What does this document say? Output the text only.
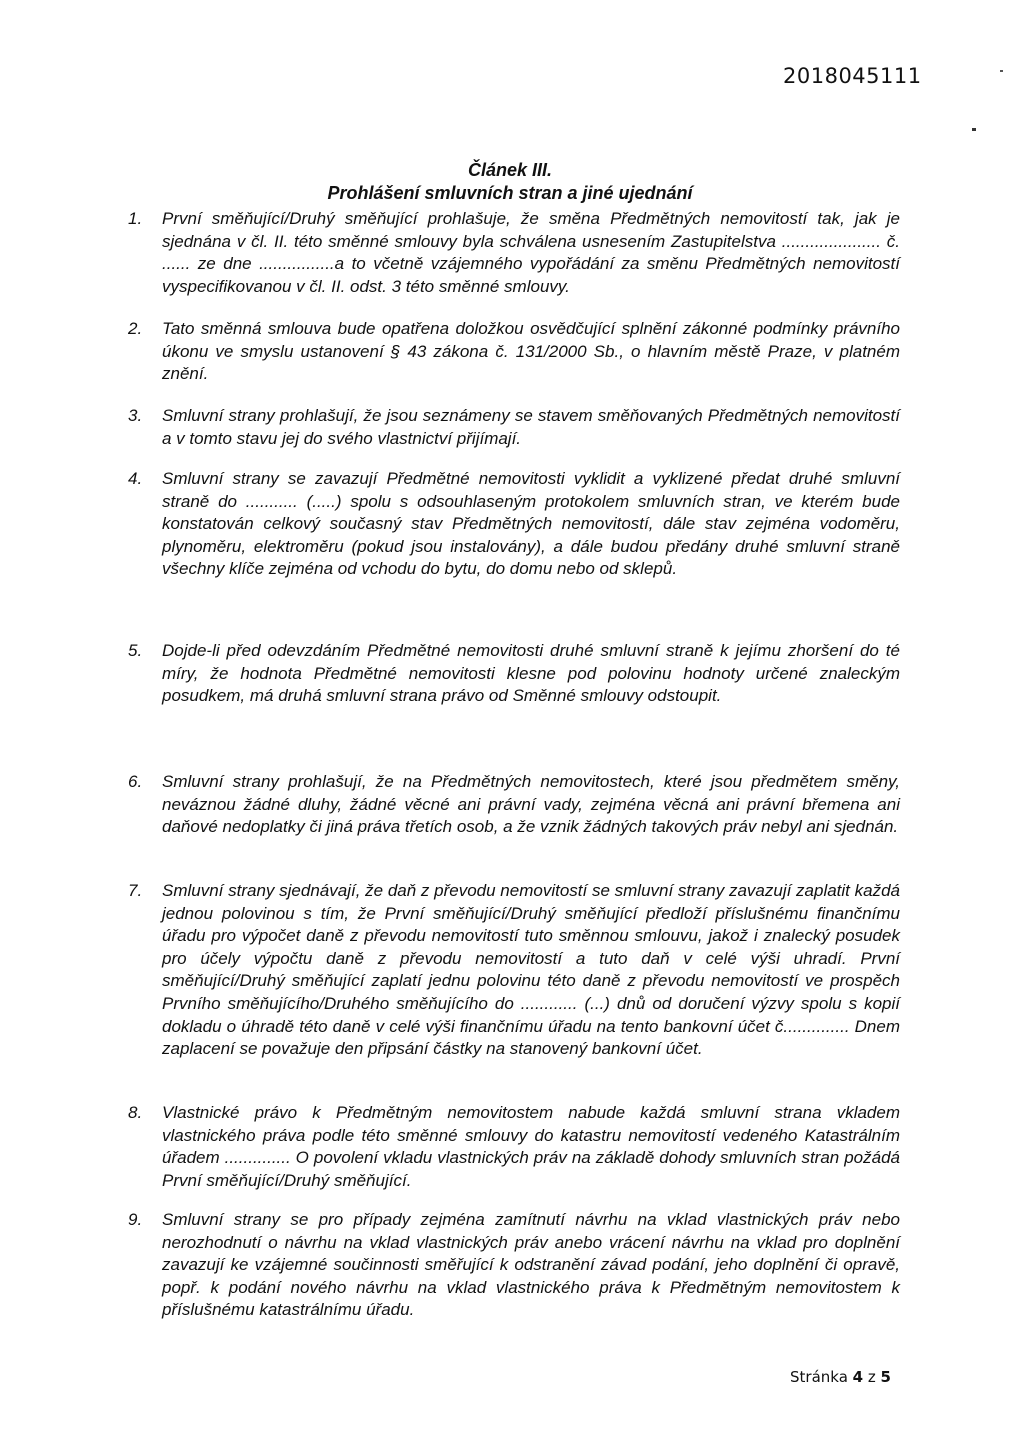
2018045111
Článek III.
Prohlášení smluvních stran a jiné ujednání
1.	První směňující/Druhý směňující prohlašuje, že směna Předmětných nemovitostí tak, jak je sjednána v čl. II. této směnné smlouvy byla schválena usnesením Zastupitelstva ..................... č. ...... ze dne ................a to včetně vzájemného vypořádání za směnu Předmětných nemovitostí vyspecifikovanou v čl. II. odst. 3 této směnné smlouvy.
2.	Tato směnná smlouva bude opatřena doložkou osvědčující splnění zákonné podmínky právního úkonu ve smyslu ustanovení § 43 zákona č. 131/2000 Sb., o hlavním městě Praze, v platném znění.
3.	Smluvní strany prohlašují, že jsou seznámeny se stavem směňovaných Předmětných nemovitostí a v tomto stavu jej do svého vlastnictví přijímají.
4.	Smluvní strany se zavazují Předmětné nemovitosti vyklidit a vyklizené předat druhé smluvní straně do ........... (.....) spolu s odsouhlaseným protokolem smluvních stran, ve kterém bude konstatován celkový současný stav Předmětných nemovitostí, dále stav zejména vodoměru, plynoměru, elektroměru (pokud jsou instalovány), a dále budou předány druhé smluvní straně všechny klíče zejména od vchodu do bytu, do domu nebo od sklepů.
5.	Dojde-li před odevzdáním Předmětné nemovitosti druhé smluvní straně k jejímu zhoršení do té míry, že hodnota Předmětné nemovitosti klesne pod polovinu hodnoty určené znaleckým posudkem, má druhá smluvní strana právo od Směnné smlouvy odstoupit.
6.	Smluvní strany prohlašují, že na Předmětných nemovitostech, které jsou předmětem směny, neváznou žádné dluhy, žádné věcné ani právní vady, zejména věcná ani právní břemena ani daňové nedoplatky či jiná práva třetích osob, a že vznik žádných takových práv nebyl ani sjednán.
7.	Smluvní strany sjednávají, že daň z převodu nemovitostí se smluvní strany zavazují zaplatit každá jednou polovinou s tím, že První směňující/Druhý směňující předloží příslušnému finančnímu úřadu pro výpočet daně z převodu nemovitostí tuto směnnou smlouvu, jakož i znalecký posudek pro účely výpočtu daně z převodu nemovitostí a tuto daň v celé výši uhradí. První směňující/Druhý směňující zaplatí jednu polovinu této daně z převodu nemovitostí ve prospěch Prvního směňujícího/Druhého směňujícího do ............ (...) dnů od doručení výzvy spolu s kopií dokladu o úhradě této daně v celé výši finančnímu úřadu na tento bankovní účet č.............. Dnem zaplacení se považuje den připsání částky na stanovený bankovní účet.
8.	Vlastnické právo k Předmětným nemovitostem nabude každá smluvní strana vkladem vlastnického práva podle této směnné smlouvy do katastru nemovitostí vedeného Katastrálním úřadem .............. O povolení vkladu vlastnických práv na základě dohody smluvních stran požádá První směňující/Druhý směňující.
9.	Smluvní strany se pro případy zejména zamítnutí návrhu na vklad vlastnických práv nebo nerozhodnutí o návrhu na vklad vlastnických práv anebo vrácení návrhu na vklad pro doplnění zavazují ke vzájemné součinnosti směřující k odstranění závad podání, jeho doplnění či opravě, popř. k podání nového návrhu na vklad vlastnického práva k Předmětným nemovitostem k příslušnému katastrálnímu úřadu.
Stránka 4 z 5
